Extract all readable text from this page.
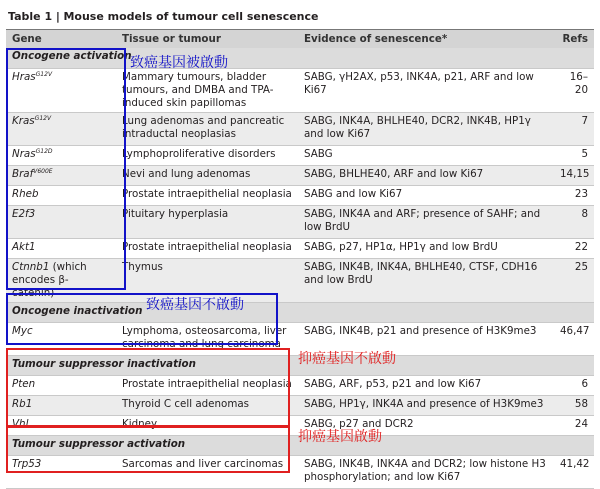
Table 1 | Mouse models of tumour cell senescence
Gene	Tissue or tumour	Evidence of senescence*	Refs
Oncogene activation			
Hras$^{G12V}$	Mammary tumours, bladder tumours, and DMBA and TPA-induced skin papillomas	SABG, γH2AX, p53, INK4A, p21, ARF and low Ki67	16–20
Kras$^{G12V}$	Lung adenomas and pancreatic intraductal neoplasias	SABG, INK4A, BHLHE40, DCR2, INK4B, HP1γ and low Ki67	7
Nras$^{G12D}$	Lymphoproliferative disorders	SABG	5
Braf$^{V600E}$	Nevi and lung adenomas	SABG, BHLHE40, ARF and low Ki67	14,15
Rheb	Prostate intraepithelial neoplasia	SABG and low Ki67	23
E2f3	Pituitary hyperplasia	SABG, INK4A and ARF; presence of SAHF; and low BrdU	8
Akt1	Prostate intraepithelial neoplasia	SABG, p27, HP1α, HP1γ and low BrdU	22
Ctnnb1 (which encodes β-catenin)	Thymus	SABG, INK4B, INK4A, BHLHE40, CTSF, CDH16 and low BrdU	25
Oncogene inactivation			
Myc	Lymphoma, osteosarcoma, liver carcinoma and lung carcinoma	SABG, INK4B, p21 and presence of H3K9me3	46,47
Tumour suppressor inactivation			
Pten	Prostate intraepithelial neoplasia	SABG, ARF, p53, p21 and low Ki67	6
Rb1	Thyroid C cell adenomas	SABG, HP1γ, INK4A and presence of H3K9me3	58
Vhl	Kidney	SABG, p27 and DCR2	24
Tumour suppressor activation			
Trp53	Sarcomas and liver carcinomas	SABG, INK4B, INK4A and DCR2; low histone H3 phosphorylation; and low Ki67	41,42
致癌基因被啟動
致癌基因不啟動
抑癌基因不啟動
抑癌基因啟動
